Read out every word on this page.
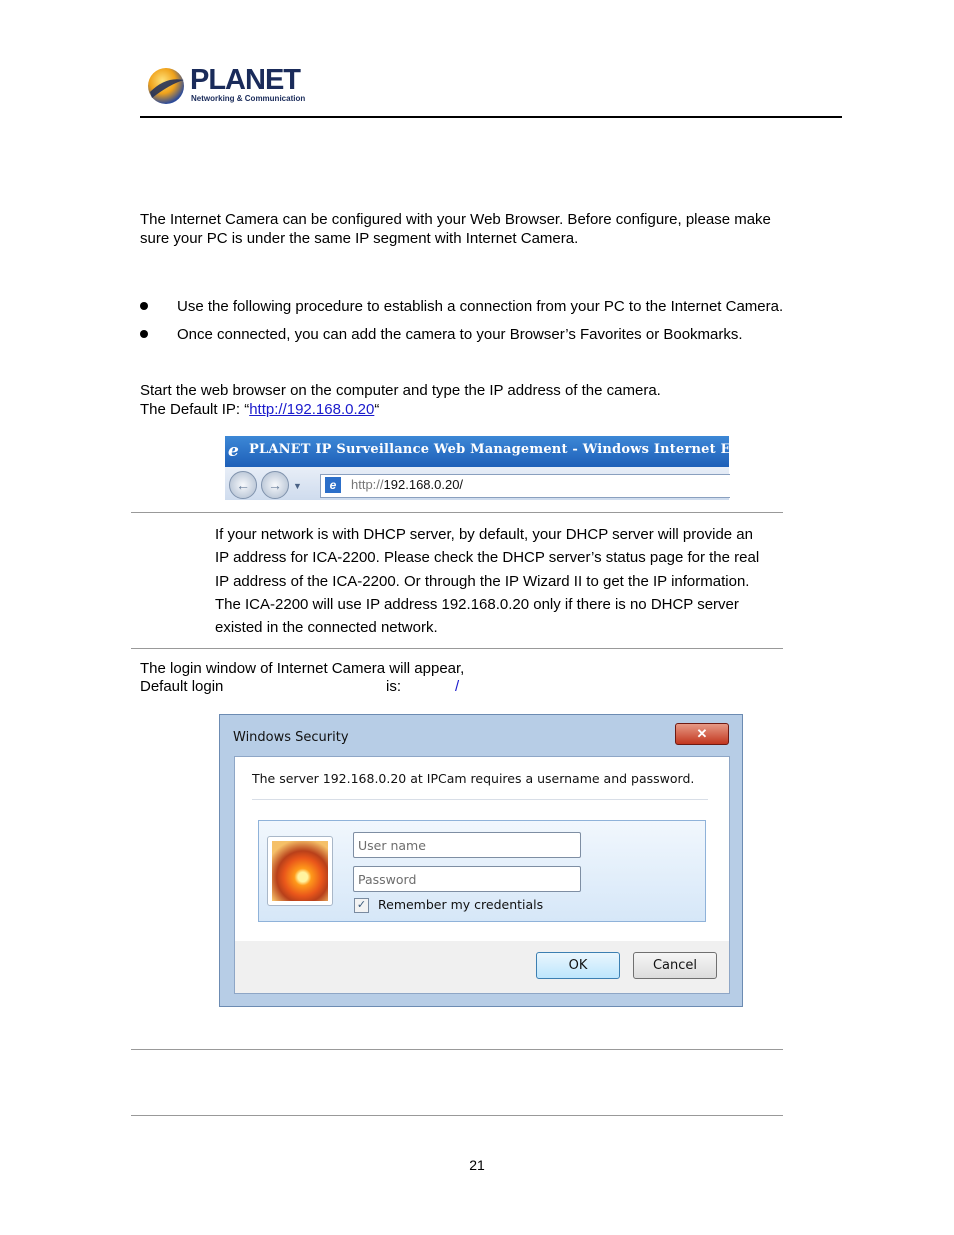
PLANET
Networking & Communication
The Internet Camera can be configured with your Web Browser. Before configure, please make
sure your PC is under the same IP segment with Internet Camera.
Use the following procedure to establish a connection from your PC to the Internet Camera.
Once connected, you can add the camera to your Browser’s Favorites or Bookmarks.
Start the web browser on the computer and type the IP address of the camera.
The Default IP: “http://192.168.0.20“
e PLANET IP Surveillance Web Management - Windows Internet Explorer
←	→	▼	e	http://192.168.0.20/
If your network is with DHCP server, by default, your DHCP server will provide an
IP address for ICA-2200. Please check the DHCP server’s status page for the real
IP address of the ICA-2200. Or through the IP Wizard II to get the IP information.
The ICA-2200 will use IP address 192.168.0.20 only if there is no DHCP server
existed in the connected network.
The login window of Internet Camera will appear,
Default login	is:	/
Windows Security	✕
The server 192.168.0.20 at IPCam requires a username and password.
User name
Password
✓ Remember my credentials
OK	Cancel
21
